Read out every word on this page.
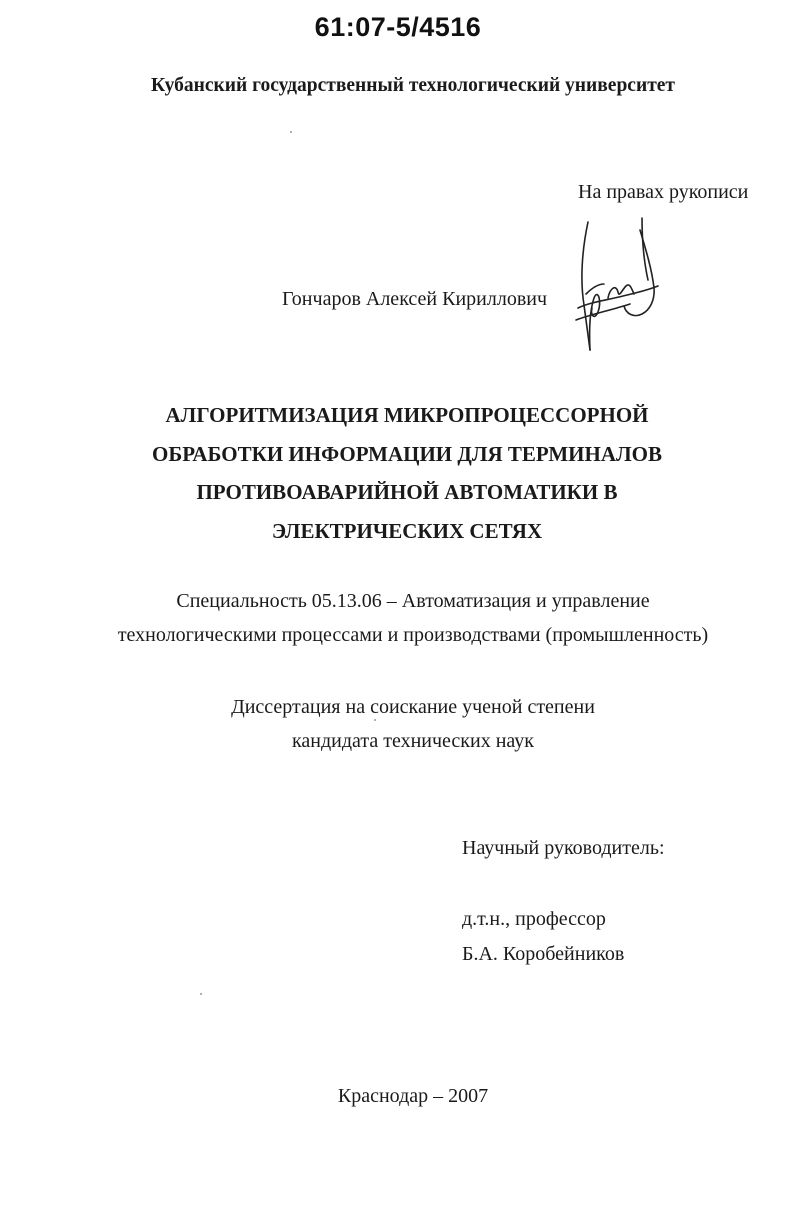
61:07-5/4516
Кубанский государственный технологический университет
На правах рукописи
Гончаров Алексей Кириллович
АЛГОРИТМИЗАЦИЯ МИКРОПРОЦЕССОРНОЙ
ОБРАБОТКИ ИНФОРМАЦИИ ДЛЯ ТЕРМИНАЛОВ
ПРОТИВОАВАРИЙНОЙ АВТОМАТИКИ В
ЭЛЕКТРИЧЕСКИХ СЕТЯХ
Специальность 05.13.06 – Автоматизация и управление
технологическими процессами и производствами (промышленность)
Диссертация на соискание ученой степени
кандидата технических наук
Научный руководитель:
д.т.н., профессор
Б.А. Коробейников
Краснодар – 2007
